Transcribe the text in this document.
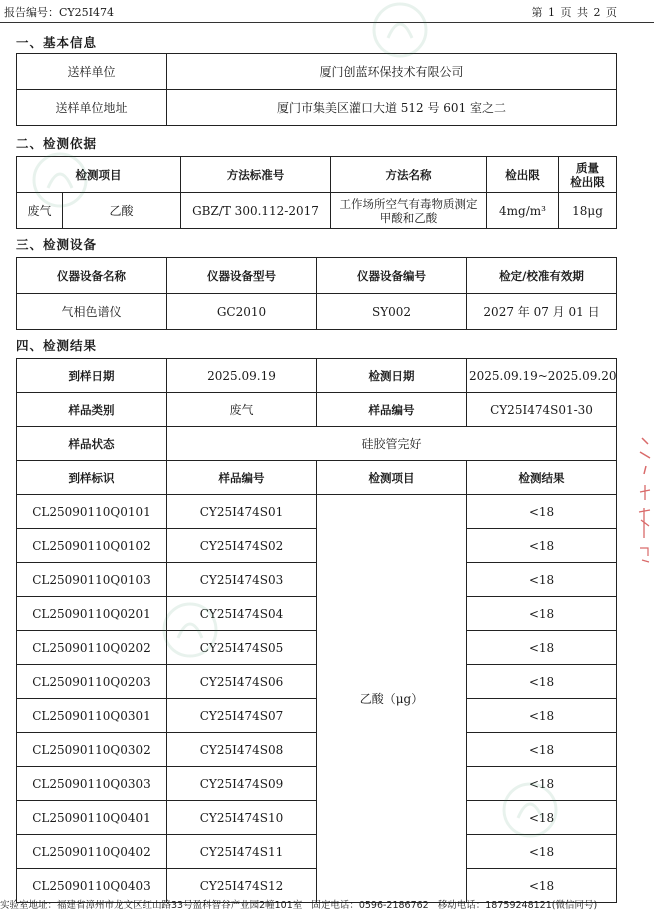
报告编号：CY25I474	第 1 页 共 2 页
一、基本信息
送样单位	厦门创蓝环保技术有限公司
送样单位地址	厦门市集美区灌口大道 512 号 601 室之二
二、检测依据
检测项目		方法标准号	方法名称	检出限	质量
检出限
废气	乙酸	GBZ/T 300.112-2017	工作场所空气有毒物质测定 甲酸和乙酸	4mg/m³	18μg
三、检测设备
仪器设备名称	仪器设备型号	仪器设备编号	检定/校准有效期
气相色谱仪	GC2010	SY002	2027 年 07 月 01 日
四、检测结果
到样日期	2025.09.19	检测日期	2025.09.19~2025.09.20
样品类别	废气	样品编号	CY25I474S01-30
样品状态	硅胶管完好		
到样标识	样品编号	检测项目	检测结果
CL25090110Q0101	CY25I474S01	乙酸（μg）	<18
CL25090110Q0102	CY25I474S02		<18
CL25090110Q0103	CY25I474S03		<18
CL25090110Q0201	CY25I474S04		<18
CL25090110Q0202	CY25I474S05		<18
CL25090110Q0203	CY25I474S06		<18
CL25090110Q0301	CY25I474S07		<18
CL25090110Q0302	CY25I474S08		<18
CL25090110Q0303	CY25I474S09		<18
CL25090110Q0401	CY25I474S10		<18
CL25090110Q0402	CY25I474S11		<18
CL25090110Q0403	CY25I474S12		<18
实验室地址：福建省漳州市龙文区红山路33号盈科智谷产业园2幢101室 固定电话：0596-2186762 移动电话：18759248121(微信同号)
